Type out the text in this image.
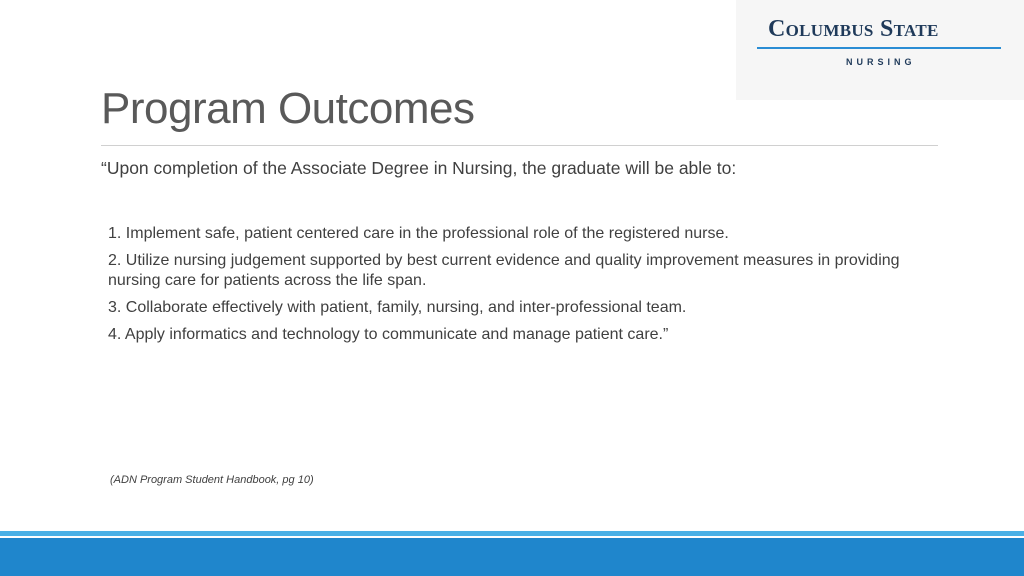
Columbus State
NURSING
Program Outcomes
“Upon completion of the Associate Degree in Nursing, the graduate will be able to:
1. Implement safe, patient centered care in the professional role of the registered nurse.
2. Utilize nursing judgement supported by best current evidence and quality improvement measures in providing nursing care for patients across the life span.
3. Collaborate effectively with patient, family, nursing, and inter-professional team.
4. Apply informatics and technology to communicate and manage patient care.”
(ADN Program Student Handbook, pg 10)
